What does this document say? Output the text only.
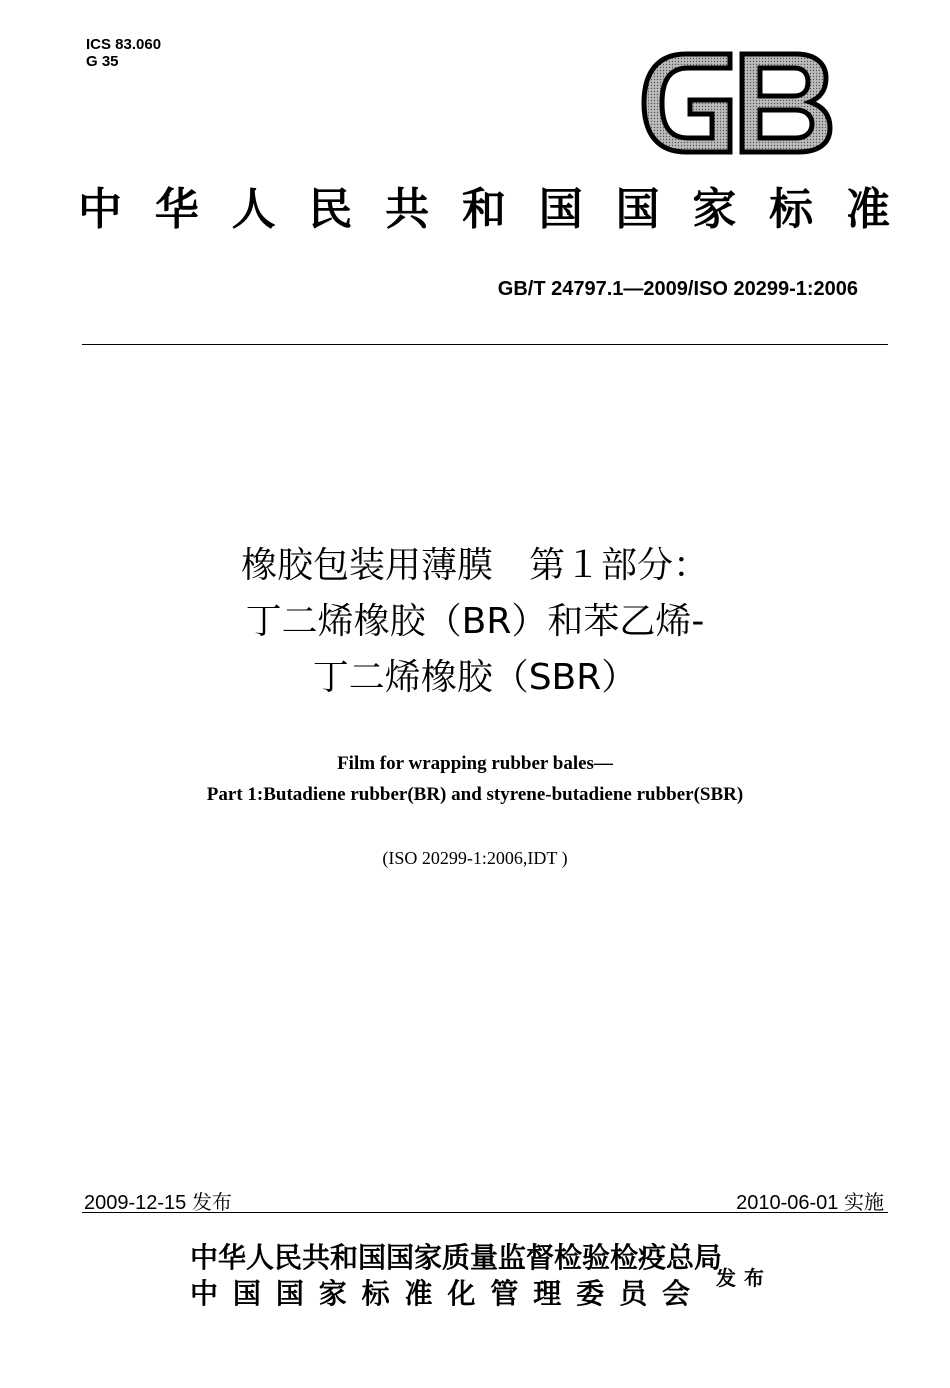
ICS 83.060
G 35
中 华 人 民 共 和 国 国 家 标 准
GB/T 24797.1—2009/ISO 20299-1:2006
橡胶包装用薄膜　第１部分：
丁二烯橡胶（BR）和苯乙烯-
丁二烯橡胶（SBR）
Film for wrapping rubber bales—
Part 1:Butadiene rubber(BR) and styrene-butadiene rubber(SBR)
(ISO 20299-1:2006,IDT )
2009-12-15 发布	2010-06-01 实施
中华人民共和国国家质量监督检验检疫总局
中 国 国 家 标 准 化 管 理 委 员 会 发布
